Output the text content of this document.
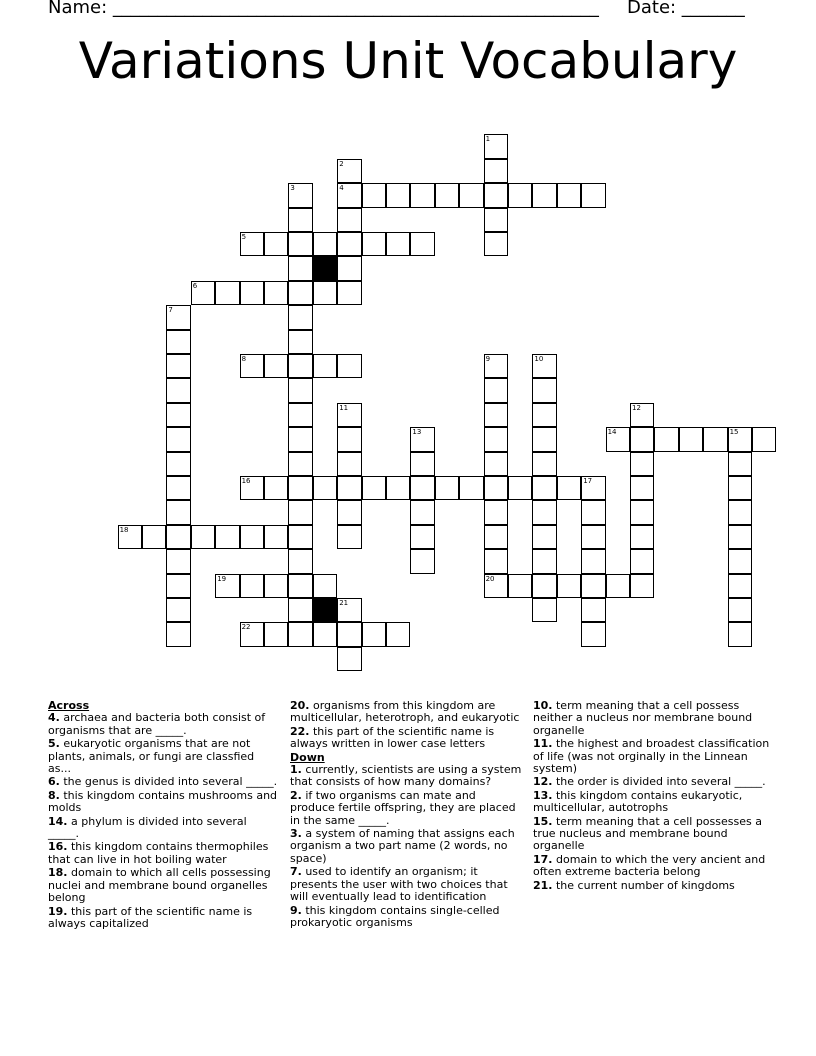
Name: ______________________________________________________ Date: _______
Variations Unit Vocabulary
4
5
6
8
14	15
16	17
18
19	20
22
1
2
3
7
9	10
11	12
13
21
Across
4. archaea and bacteria both consist of organisms that are _____.
5. eukaryotic organisms that are not plants, animals, or fungi are classfied as...
6. the genus is divided into several _____.
8. this kingdom contains mushrooms and molds
14. a phylum is divided into several _____.
16. this kingdom contains thermophiles that can live in hot boiling water
18. domain to which all cells possessing nuclei and membrane bound organelles belong
19. this part of the scientific name is always capitalized
20. organisms from this kingdom are multicellular, heterotroph, and eukaryotic
22. this part of the scientific name is always written in lower case letters
Down
1. currently, scientists are using a system that consists of how many domains?
2. if two organisms can mate and produce fertile offspring, they are placed in the same _____.
3. a system of naming that assigns each organism a two part name (2 words, no space)
7. used to identify an organism; it presents the user with two choices that will eventually lead to identification
9. this kingdom contains single-celled prokaryotic organisms
10. term meaning that a cell possess neither a nucleus nor membrane bound organelle
11. the highest and broadest classification of life (was not orginally in the Linnean system)
12. the order is divided into several _____.
13. this kingdom contains eukaryotic, multicellular, autotrophs
15. term meaning that a cell possesses a true nucleus and membrane bound organelle
17. domain to which the very ancient and often extreme bacteria belong
21. the current number of kingdoms
